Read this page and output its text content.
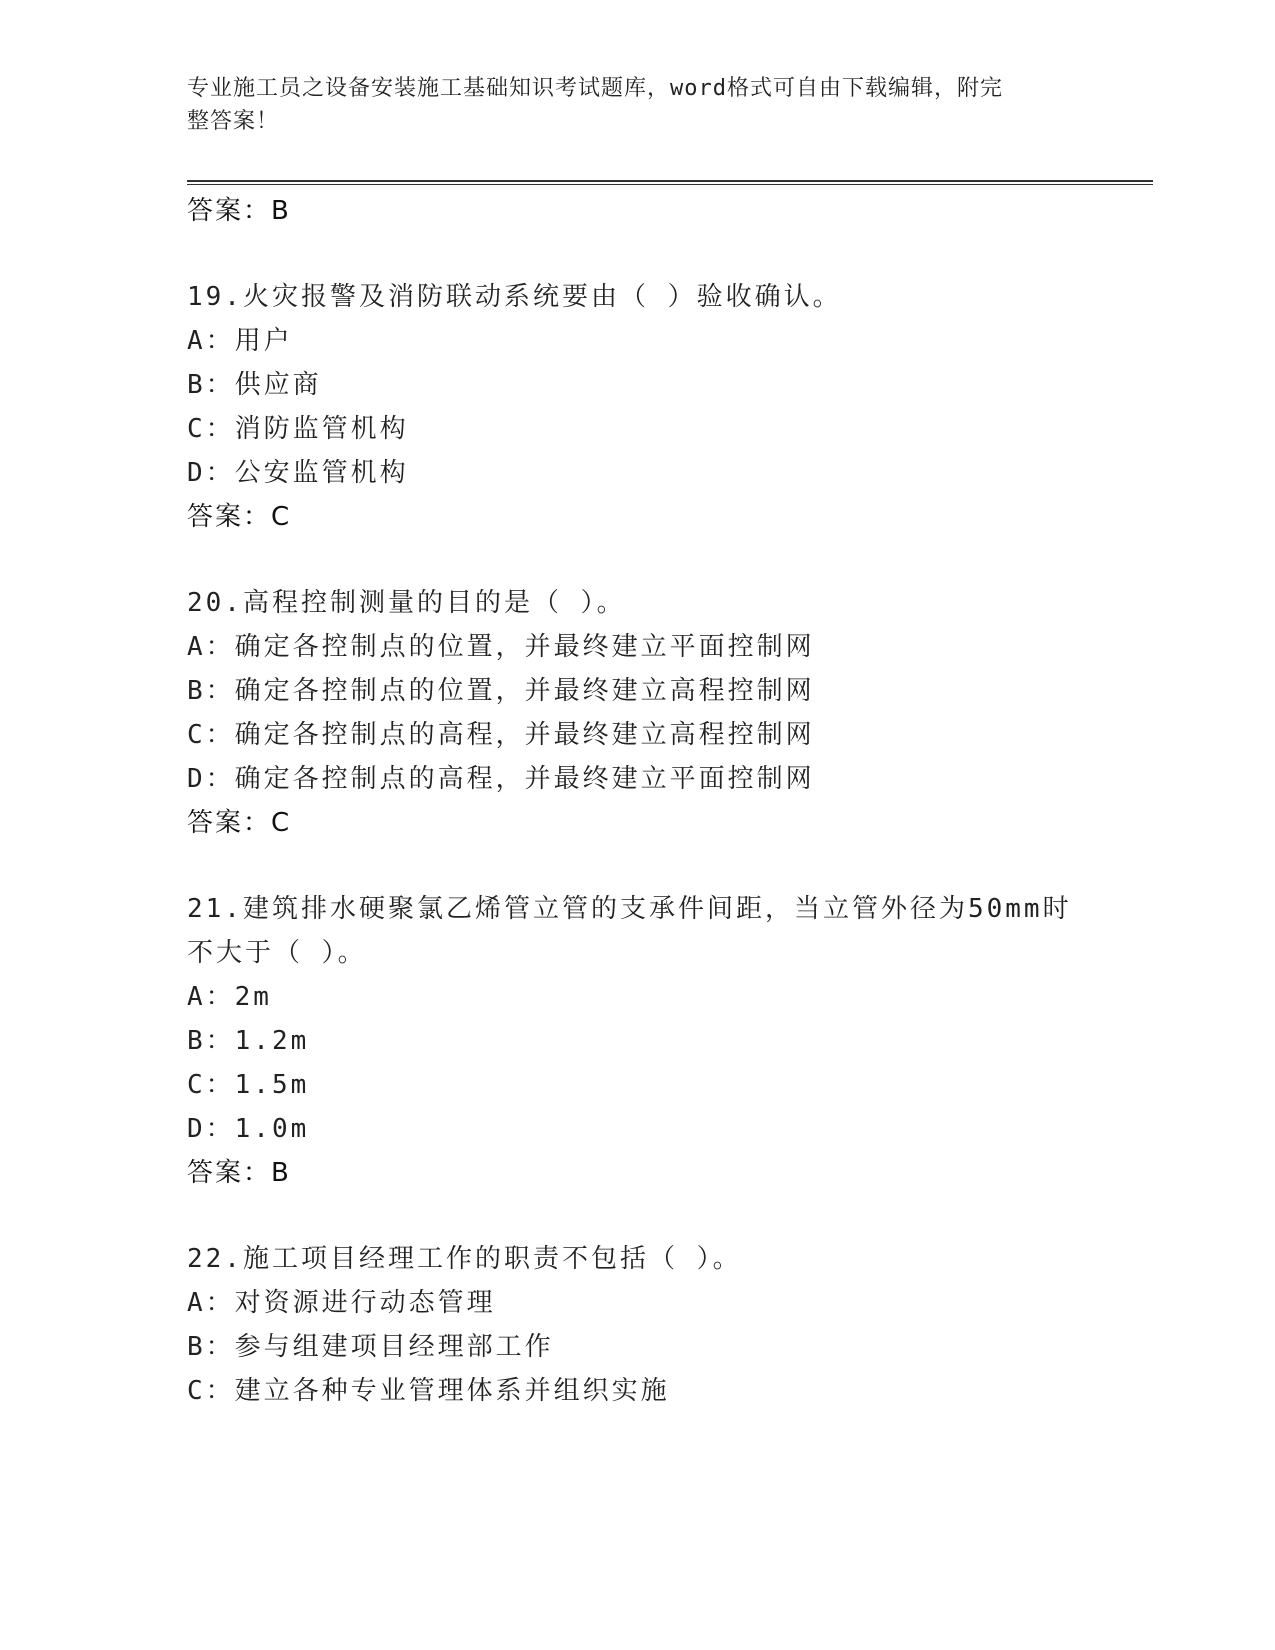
专业施工员之设备安装施工基础知识考试题库，word格式可自由下载编辑，附完
整答案！
答案：B
19.火灾报警及消防联动系统要由（ ）验收确认。
A：用户
B：供应商
C：消防监管机构
D：公安监管机构
答案：C
20.高程控制测量的目的是（ ）。
A：确定各控制点的位置，并最终建立平面控制网
B：确定各控制点的位置，并最终建立高程控制网
C：确定各控制点的高程，并最终建立高程控制网
D：确定各控制点的高程，并最终建立平面控制网
答案：C
21.建筑排水硬聚氯乙烯管立管的支承件间距，当立管外径为50mm时
不大于（ ）。
A：2m
B：1.2m
C：1.5m
D：1.0m
答案：B
22.施工项目经理工作的职责不包括（ ）。
A：对资源进行动态管理
B：参与组建项目经理部工作
C：建立各种专业管理体系并组织实施
